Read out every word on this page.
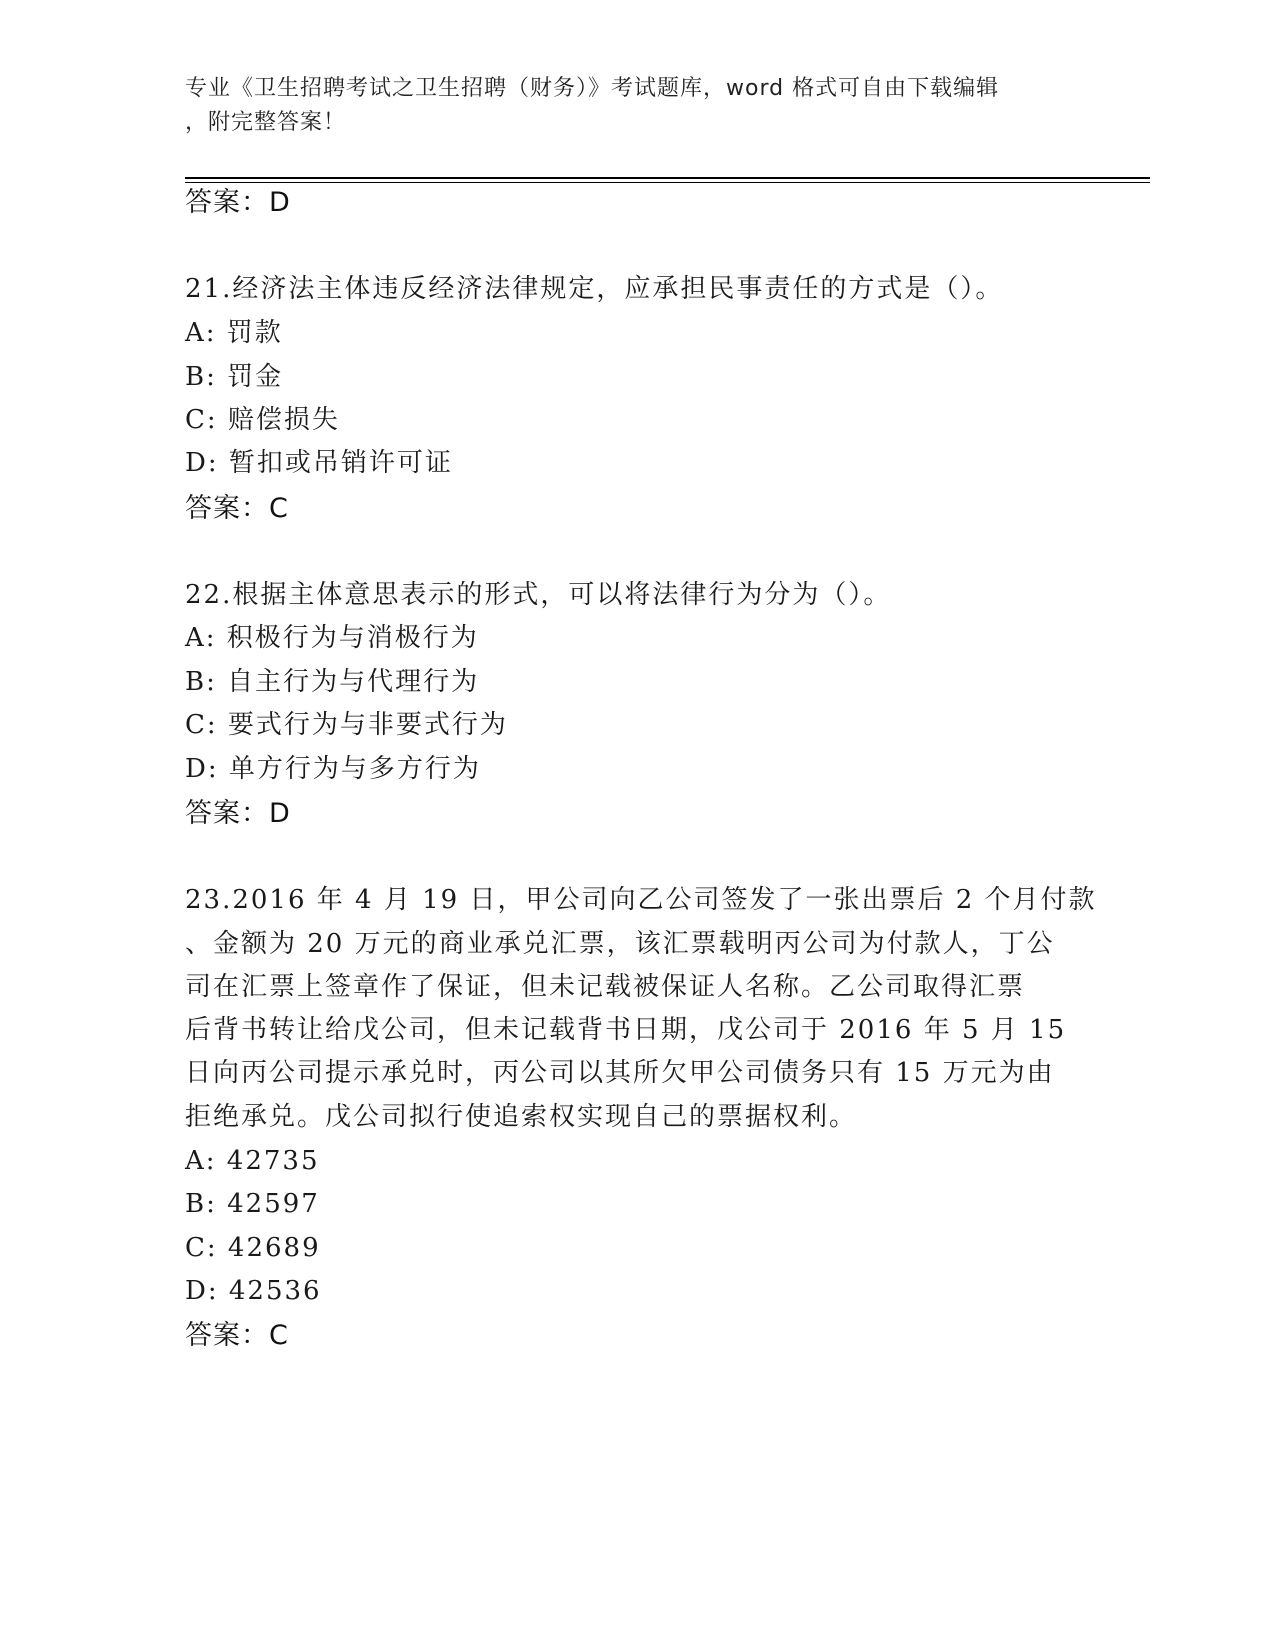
专业《卫生招聘考试之卫生招聘（财务）》考试题库，word 格式可自由下载编辑
，附完整答案！
答案：D
21.经济法主体违反经济法律规定，应承担民事责任的方式是（）。
A: 罚款
B: 罚金
C: 赔偿损失
D: 暂扣或吊销许可证
答案：C
22.根据主体意思表示的形式，可以将法律行为分为（）。
A: 积极行为与消极行为
B: 自主行为与代理行为
C: 要式行为与非要式行为
D: 单方行为与多方行为
答案：D
23.2016 年 4 月 19 日，甲公司向乙公司签发了一张出票后 2 个月付款
、金额为 20 万元的商业承兑汇票，该汇票载明丙公司为付款人，丁公
司在汇票上签章作了保证，但未记载被保证人名称。乙公司取得汇票
后背书转让给戊公司，但未记载背书日期，戊公司于 2016 年 5 月 15
日向丙公司提示承兑时，丙公司以其所欠甲公司债务只有 15 万元为由
拒绝承兑。戊公司拟行使追索权实现自己的票据权利。
A: 42735
B: 42597
C: 42689
D: 42536
答案：C
